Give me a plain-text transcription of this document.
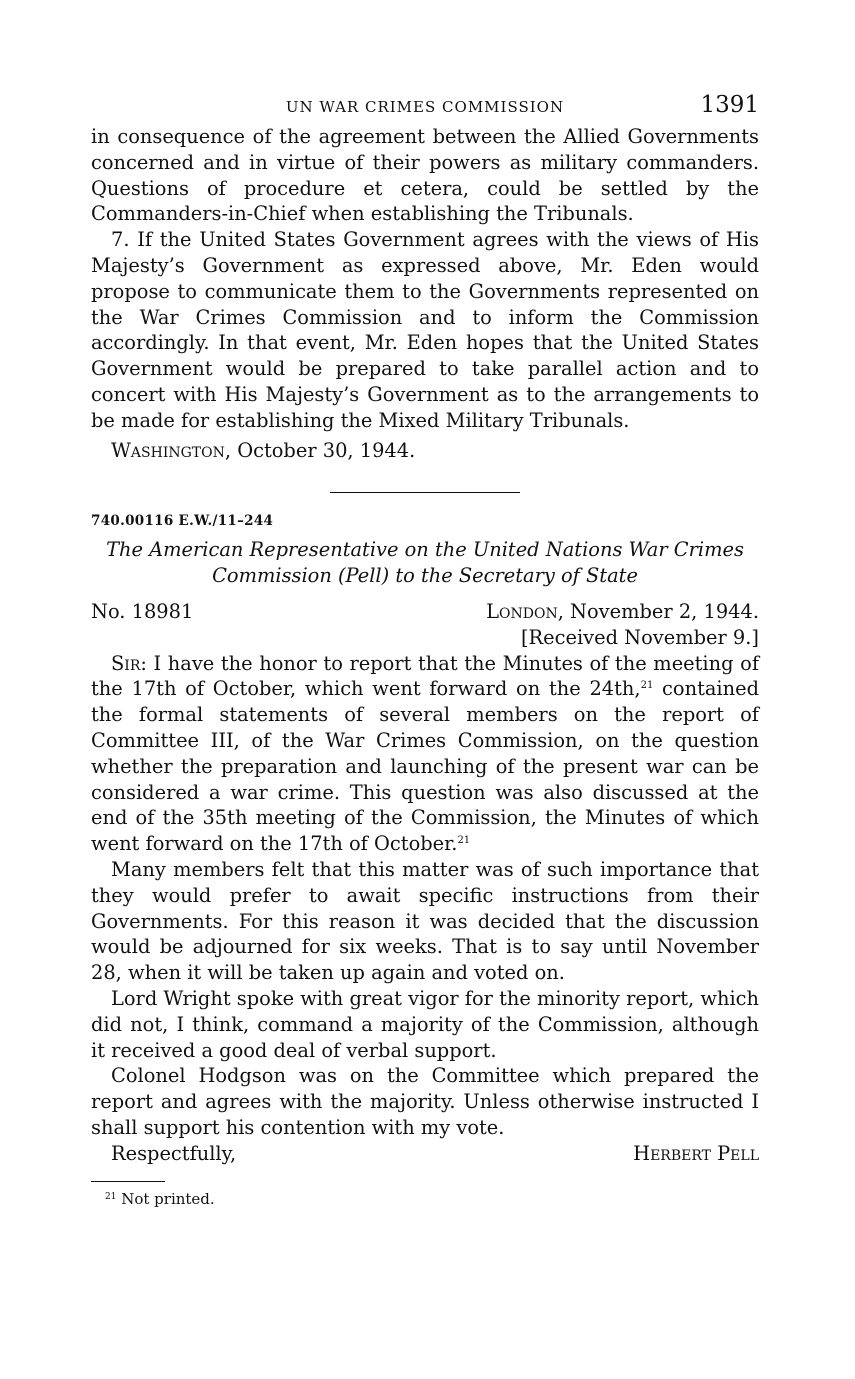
UN WAR CRIMES COMMISSION	1391

in consequence of the agreement between the Allied Governments concerned and in virtue of their powers as military commanders. Questions of procedure et cetera, could be settled by the Commanders-in-Chief when establishing the Tribunals.

7. If the United States Government agrees with the views of His Majesty’s Government as expressed above, Mr. Eden would propose to communicate them to the Governments represented on the War Crimes Commission and to inform the Commission accordingly. In that event, Mr. Eden hopes that the United States Government would be prepared to take parallel action and to concert with His Majesty’s Government as to the arrangements to be made for establishing the Mixed Military Tribunals.

Washington, October 30, 1944.
740.00116 E.W./11–244
The American Representative on the United Nations War Crimes
Commission (Pell) to the Secretary of State
No. 18981	London, November 2, 1944.
[Received November 9.]

Sir: I have the honor to report that the Minutes of the meeting of the 17th of October, which went forward on the 24th,$^{21}$ contained the formal statements of several members on the report of Committee III, of the War Crimes Commission, on the question whether the preparation and launching of the present war can be considered a war crime. This question was also discussed at the end of the 35th meeting of the Commission, the Minutes of which went forward on the 17th of October.$^{21}$

Many members felt that this matter was of such importance that they would prefer to await specific instructions from their Governments. For this reason it was decided that the discussion would be adjourned for six weeks. That is to say until November 28, when it will be taken up again and voted on.

Lord Wright spoke with great vigor for the minority report, which did not, I think, command a majority of the Commission, although it received a good deal of verbal support.

Colonel Hodgson was on the Committee which prepared the report and agrees with the majority. Unless otherwise instructed I shall support his contention with my vote.

Respectfully,	Herbert Pell
$^{21}$ Not printed.
